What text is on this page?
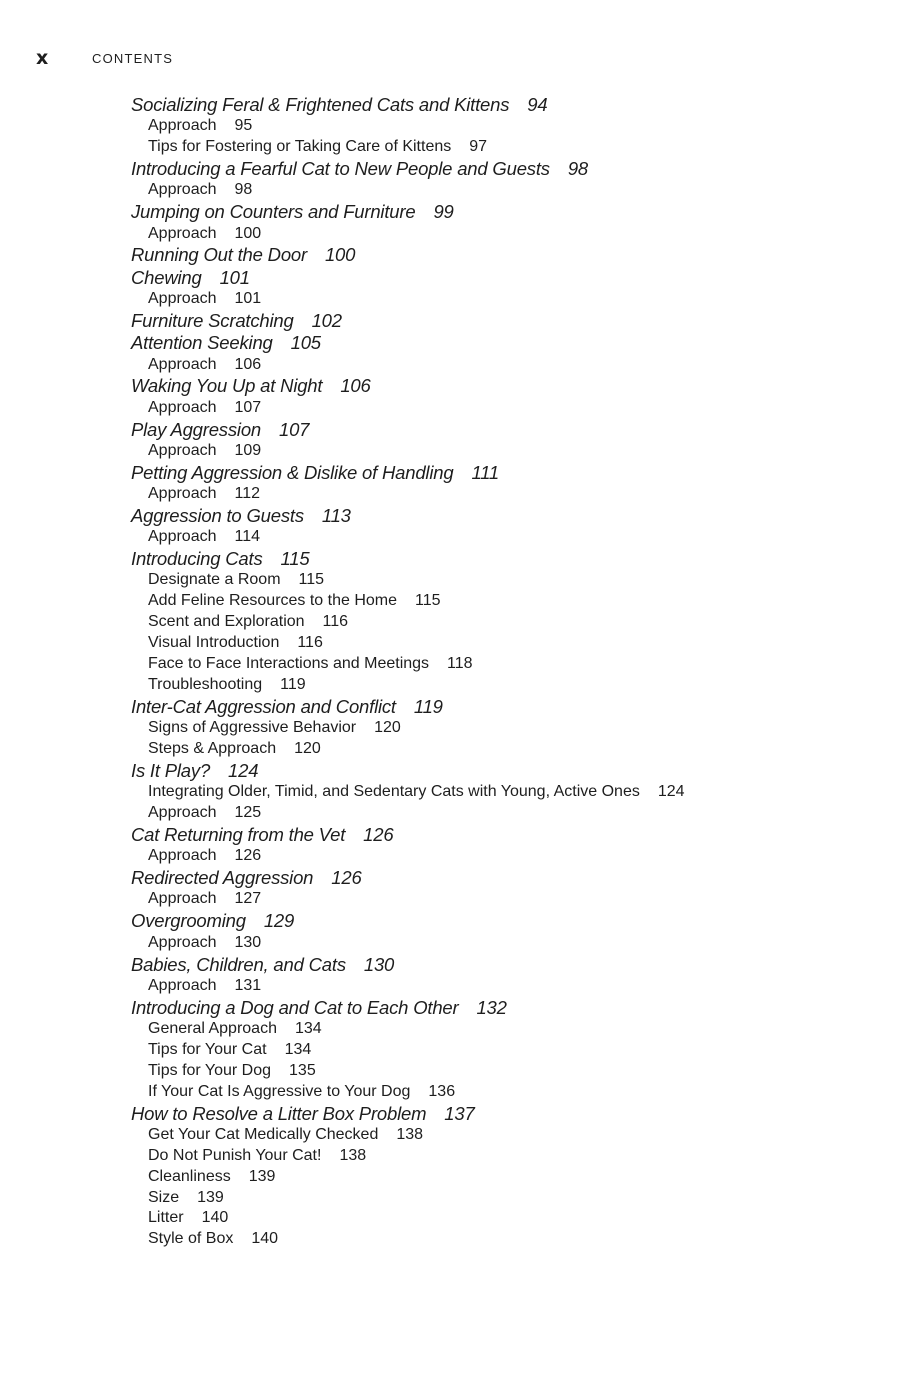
x	CONTENTS
Socializing Feral & Frightened Cats and Kittens 94
Approach 95
Tips for Fostering or Taking Care of Kittens 97
Introducing a Fearful Cat to New People and Guests 98
Approach 98
Jumping on Counters and Furniture 99
Approach 100
Running Out the Door 100
Chewing 101
Approach 101
Furniture Scratching 102
Attention Seeking 105
Approach 106
Waking You Up at Night 106
Approach 107
Play Aggression 107
Approach 109
Petting Aggression & Dislike of Handling 111
Approach 112
Aggression to Guests 113
Approach 114
Introducing Cats 115
Designate a Room 115
Add Feline Resources to the Home 115
Scent and Exploration 116
Visual Introduction 116
Face to Face Interactions and Meetings 118
Troubleshooting 119
Inter-Cat Aggression and Conflict 119
Signs of Aggressive Behavior 120
Steps & Approach 120
Is It Play? 124
Integrating Older, Timid, and Sedentary Cats with Young, Active Ones 124
Approach 125
Cat Returning from the Vet 126
Approach 126
Redirected Aggression 126
Approach 127
Overgrooming 129
Approach 130
Babies, Children, and Cats 130
Approach 131
Introducing a Dog and Cat to Each Other 132
General Approach 134
Tips for Your Cat 134
Tips for Your Dog 135
If Your Cat Is Aggressive to Your Dog 136
How to Resolve a Litter Box Problem 137
Get Your Cat Medically Checked 138
Do Not Punish Your Cat! 138
Cleanliness 139
Size 139
Litter 140
Style of Box 140
